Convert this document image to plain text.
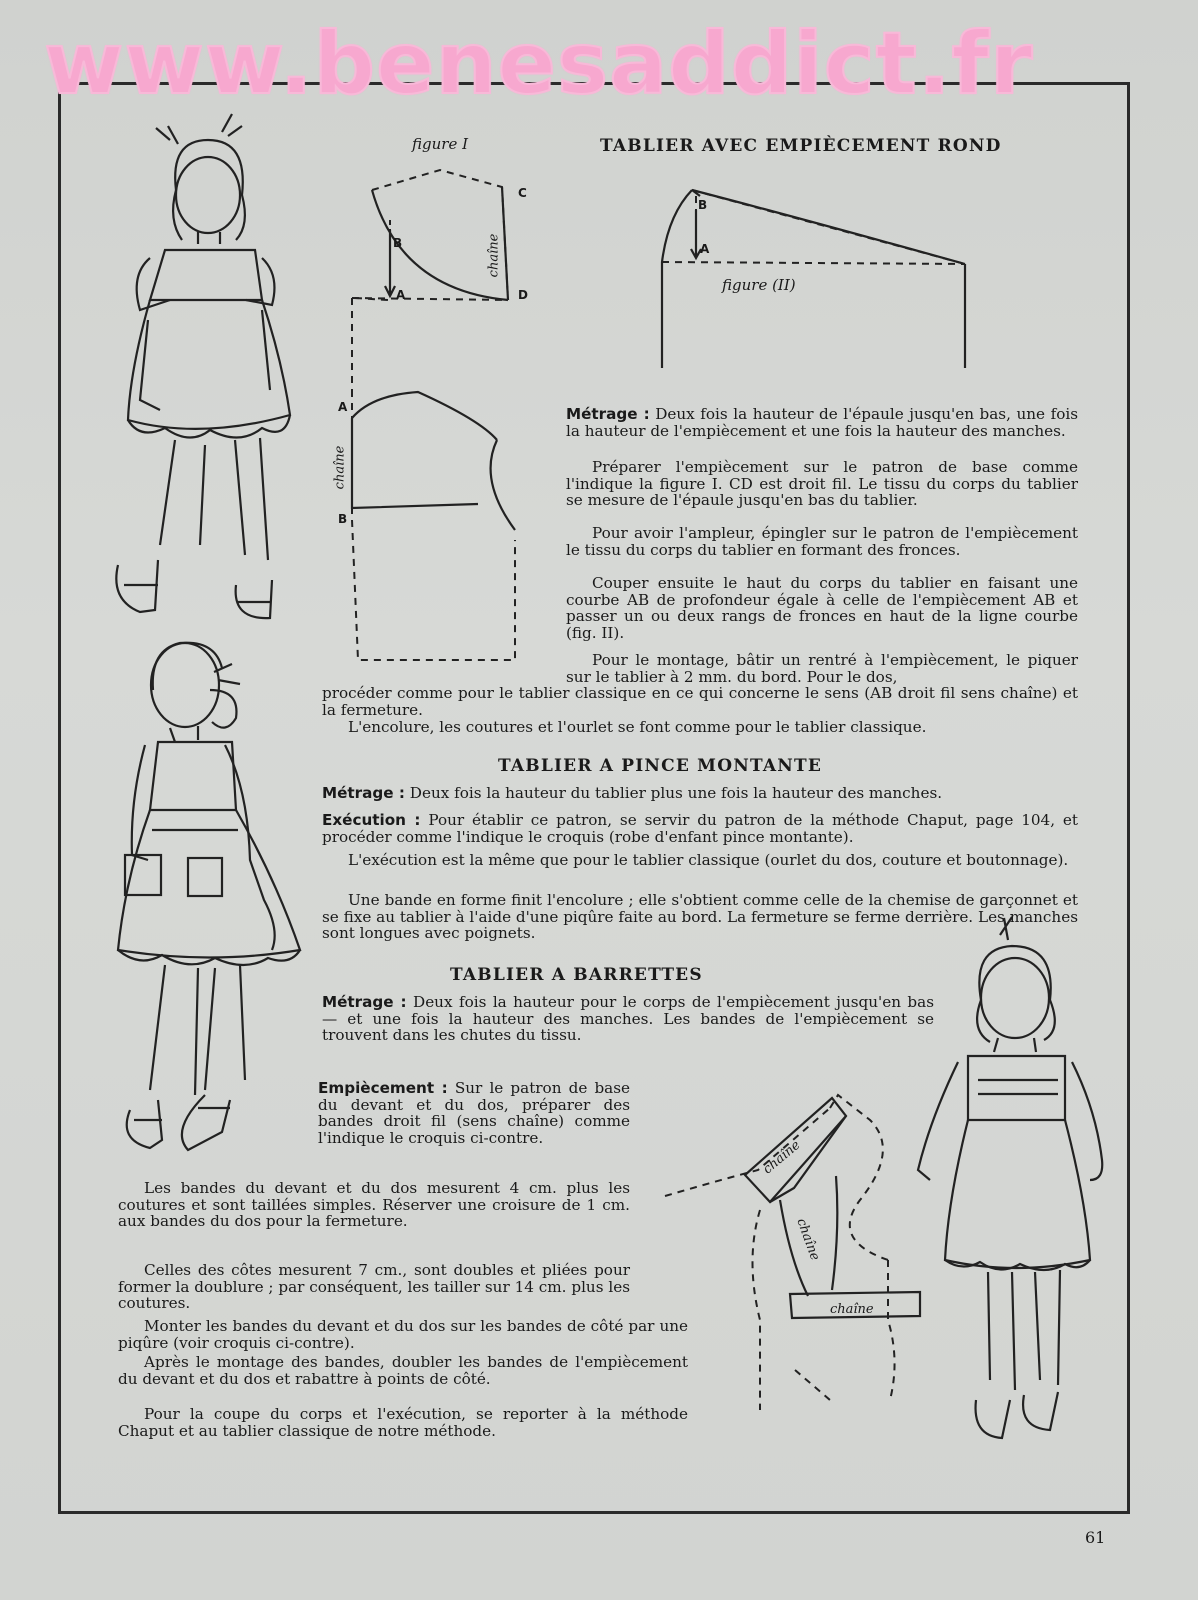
www.benesaddict.fr
figure I
figure (II)
C
D
B
A
A
B
B
A
chaîne
chaîne
chaîne
chaîne
chaîne
TABLIER AVEC EMPIÈCEMENT ROND

Métrage : Deux fois la hauteur de l'épaule jusqu'en bas, une fois la hauteur de l'empiècement et une fois la hauteur des manches.

Préparer l'empiècement sur le patron de base comme l'indique la figure I. CD est droit fil. Le tissu du corps du tablier se mesure de l'épaule jusqu'en bas du tablier.

Pour avoir l'ampleur, épingler sur le patron de l'empiècement le tissu du corps du tablier en formant des fronces.

Couper ensuite le haut du corps du tablier en faisant une courbe AB de profondeur égale à celle de l'empiècement AB et passer un ou deux rangs de fronces en haut de la ligne courbe (fig. II).

Pour le montage, bâtir un rentré à l'empiècement, le piquer sur le tablier à 2 mm. du bord. Pour le dos,

procéder comme pour le tablier classique en ce qui concerne le sens (AB droit fil sens chaîne) et la fermeture.

L'encolure, les coutures et l'ourlet se font comme pour le tablier classique.

TABLIER A PINCE MONTANTE

Métrage : Deux fois la hauteur du tablier plus une fois la hauteur des manches.

Exécution : Pour établir ce patron, se servir du patron de la méthode Chaput, page 104, et procéder comme l'indique le croquis (robe d'enfant pince montante).

L'exécution est la même que pour le tablier classique (ourlet du dos, couture et boutonnage).

Une bande en forme finit l'encolure ; elle s'obtient comme celle de la chemise de garçonnet et se fixe au tablier à l'aide d'une piqûre faite au bord. La fermeture se ferme derrière. Les manches sont longues avec poignets.

TABLIER A BARRETTES

Métrage : Deux fois la hauteur pour le corps de l'empiècement jusqu'en bas — et une fois la hauteur des manches. Les bandes de l'empiècement se trouvent dans les chutes du tissu.

Empiècement : Sur le patron de base du devant et du dos, préparer des bandes droit fil (sens chaîne) comme l'indique le croquis ci-contre.

Les bandes du devant et du dos mesurent 4 cm. plus les coutures et sont taillées simples. Réserver une croisure de 1 cm. aux bandes du dos pour la fermeture.

Celles des côtes mesurent 7 cm., sont doubles et pliées pour former la doublure ; par conséquent, les tailler sur 14 cm. plus les coutures.

Monter les bandes du devant et du dos sur les bandes de côté par une piqûre (voir croquis ci-contre).

Après le montage des bandes, doubler les bandes de l'empiècement du devant et du dos et rabattre à points de côté.

Pour la coupe du corps et l'exécution, se reporter à la méthode Chaput et au tablier classique de notre méthode.

61
